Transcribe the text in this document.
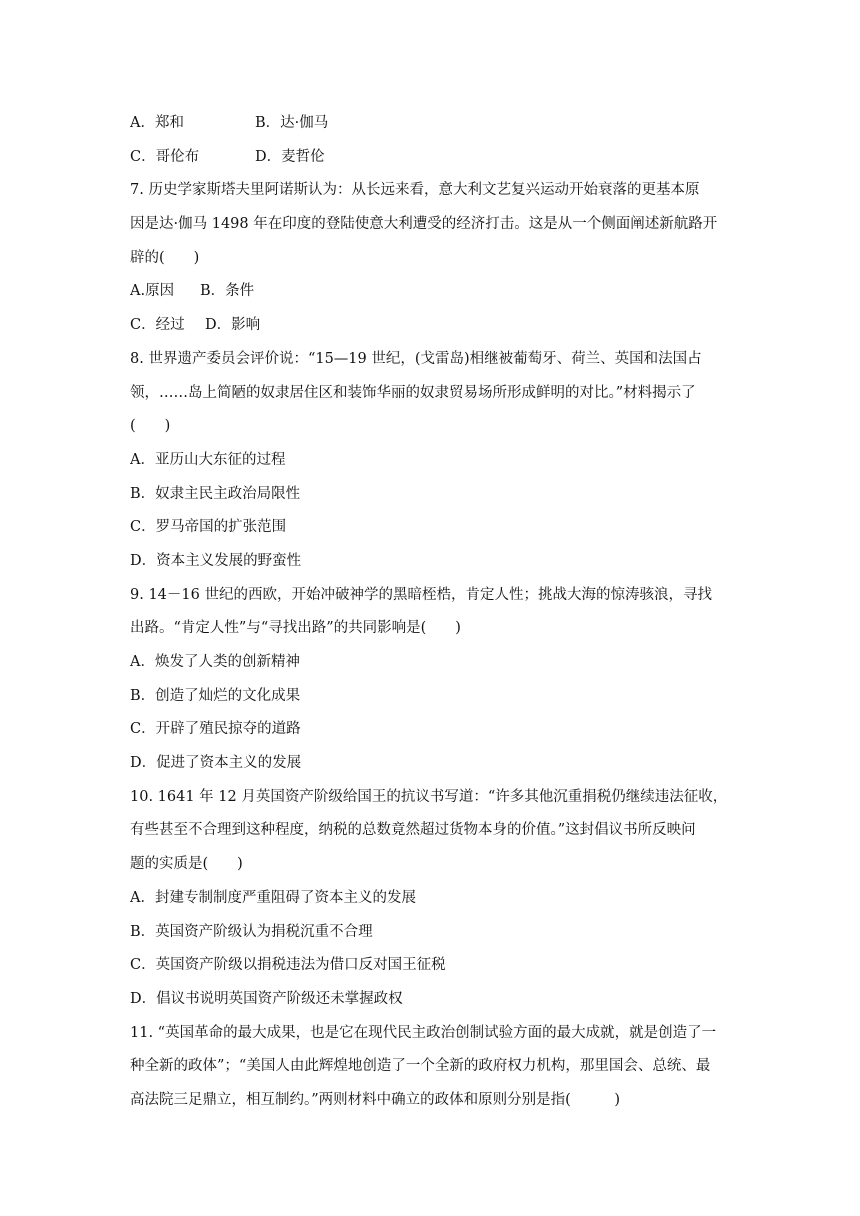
A．郑和	B．达·伽马
C．哥伦布	D．麦哲伦
7. 历史学家斯塔夫里阿诺斯认为：从长远来看，意大利文艺复兴运动开始衰落的更基本原
因是达·伽马 1498 年在印度的登陆使意大利遭受的经济打击。这是从一个侧面阐述新航路开
辟的(　　)
A.原因	B．条件
C．经过	D．影响
8. 世界遗产委员会评价说：“15—19 世纪，(戈雷岛)相继被葡萄牙、荷兰、英国和法国占
领，……岛上简陋的奴隶居住区和装饰华丽的奴隶贸易场所形成鲜明的对比。”材料揭示了
(　　)
A．亚历山大东征的过程
B．奴隶主民主政治局限性
C．罗马帝国的扩张范围
D．资本主义发展的野蛮性
9. 14－16 世纪的西欧，开始冲破神学的黑暗桎梏，肯定人性；挑战大海的惊涛骇浪，寻找
出路。“肯定人性”与“寻找出路”的共同影响是(　　)
A．焕发了人类的创新精神
B．创造了灿烂的文化成果
C．开辟了殖民掠夺的道路
D．促进了资本主义的发展
10. 1641 年 12 月英国资产阶级给国王的抗议书写道：“许多其他沉重捐税仍继续违法征收，
有些甚至不合理到这种程度，纳税的总数竟然超过货物本身的价值。”这封倡议书所反映问
题的实质是(　　)
A．封建专制制度严重阻碍了资本主义的发展
B．英国资产阶级认为捐税沉重不合理
C．英国资产阶级以捐税违法为借口反对国王征税
D．倡议书说明英国资产阶级还未掌握政权
11. “英国革命的最大成果，也是它在现代民主政治创制试验方面的最大成就，就是创造了一
种全新的政体”；“美国人由此辉煌地创造了一个全新的政府权力机构，那里国会、总统、最
高法院三足鼎立，相互制约。”两则材料中确立的政体和原则分别是指(　　　)
